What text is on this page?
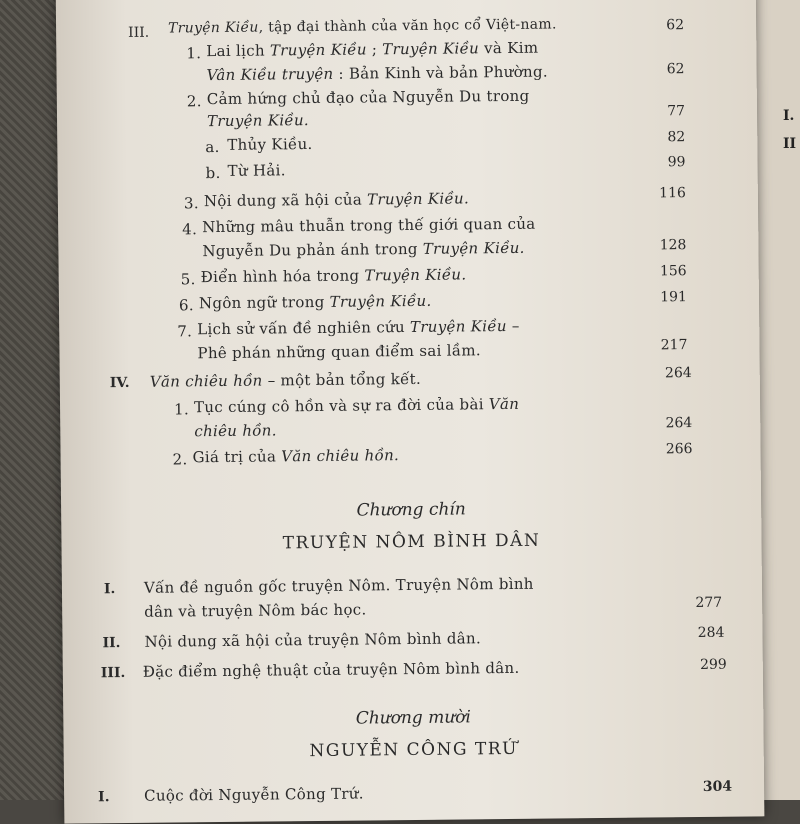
I.
II
III. Truyện Kiều, tập đại thành của văn học cổ Việt-nam.	62
1. Lai lịch Truyện Kiều ; Truyện Kiều và Kim
Vân Kiều truyện : Bản Kinh và bản Phường.	62
2. Cảm hứng chủ đạo của Nguyễn Du trong
Truyện Kiều.	77
a. Thủy Kiều.	82
b. Từ Hải.	99
3. Nội dung xã hội của Truyện Kiều.	116
4. Những mâu thuẫn trong thế giới quan của
Nguyễn Du phản ánh trong Truyện Kiều.	128
5. Điển hình hóa trong Truyện Kiều.	156
6. Ngôn ngữ trong Truyện Kiều.	191
7. Lịch sử vấn đề nghiên cứu Truyện Kiều –
Phê phán những quan điểm sai lầm.	217
IV. Văn chiêu hồn – một bản tổng kết.	264
1. Tục cúng cô hồn và sự ra đời của bài Văn
chiêu hồn.	264
2. Giá trị của Văn chiêu hồn.	266
Chương chín
TRUYỆN NÔM BÌNH DÂN
I. Vấn đề nguồn gốc truyện Nôm. Truyện Nôm bình
dân và truyện Nôm bác học.	277
II. Nội dung xã hội của truyện Nôm bình dân.	284
III. Đặc điểm nghệ thuật của truyện Nôm bình dân.	299
Chương mười
NGUYỄN CÔNG TRỨ
I. Cuộc đời Nguyễn Công Trứ.	304
